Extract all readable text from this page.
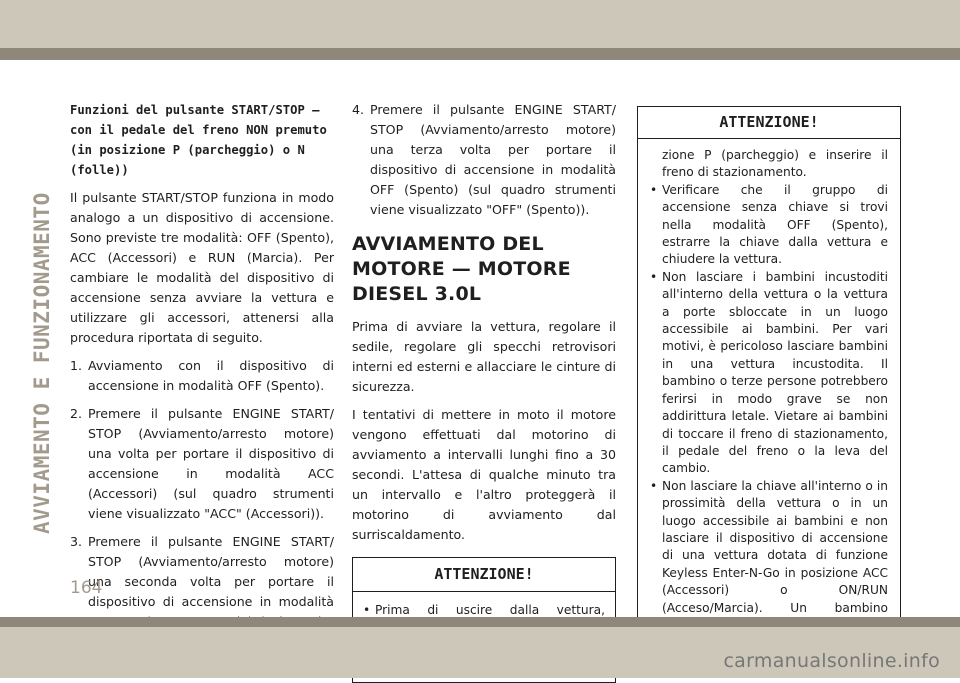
AVVIAMENTO E FUNZIONAMENTO
Funzioni del pulsante START/STOP — con il pedale del freno NON premuto (in posizione P (parcheggio) o N (folle))

Il pulsante START/STOP funziona in modo analogo a un dispositivo di accensione. Sono previste tre modalità: OFF (Spento), ACC (Accessori) e RUN (Marcia). Per cambiare le modalità del dispositivo di accensione senza avviare la vettura e utilizzare gli accessori, attenersi alla procedura riportata di seguito.

1. Avviamento con il dispositivo di accensione in modalità OFF (Spento).
2. Premere il pulsante ENGINE START/ STOP (Avviamento/arresto motore) una volta per portare il dispositivo di accensione in modalità ACC (Accessori) (sul quadro strumenti viene visualizzato "ACC" (Accessori)).
3. Premere il pulsante ENGINE START/ STOP (Avviamento/arresto motore) una seconda volta per portare il dispositivo di accensione in modalità
4. Premere il pulsante ENGINE START/ STOP (Avviamento/arresto motore) una terza volta per portare il dispositivo di accensione in modalità OFF (Spento) (sul quadro strumenti viene visualizzato "OFF" (Spento)).
AVVIAMENTO DEL MOTORE — MOTORE DIESEL 3.0L

Prima di avviare la vettura, regolare il sedile, regolare gli specchi retrovisori interni ed esterni e allacciare le cinture di sicurezza.

I tentativi di mettere in moto il motore vengono effettuati dal motorino di avviamento a intervalli lunghi fino a 30 secondi. L'attesa di qualche minuto tra un intervallo e l'altro proteggerà il motorino di avviamento dal surriscaldamento.

ATTENZIONE!
• Prima di uscire dalla vettura,
ATTENZIONE!
zione P (parcheggio) e inserire il freno di stazionamento.
• Verificare che il gruppo di accensione senza chiave si trovi nella modalità OFF (Spento), estrarre la chiave dalla vettura e chiudere la vettura.
• Non lasciare i bambini incustoditi all'interno della vettura o la vettura a porte sbloccate in un luogo accessibile ai bambini. Per vari motivi, è pericoloso lasciare bambini in una vettura incustodita. Il bambino o terze persone potrebbero ferirsi in modo grave se non addirittura letale. Vietare ai bambini di toccare il freno di stazionamento, il pedale del freno o la leva del cambio.
• Non lasciare la chiave all'interno o in prossimità della vettura o in un luogo accessibile ai bambini e non lasciare il dispositivo di accensione di una vettura dotata di funzione Keyless Enter-N-Go in posizione ACC (Accessori) o ON/RUN (Acceso/Marcia). Un bambino
164
carmanualsonline.info
